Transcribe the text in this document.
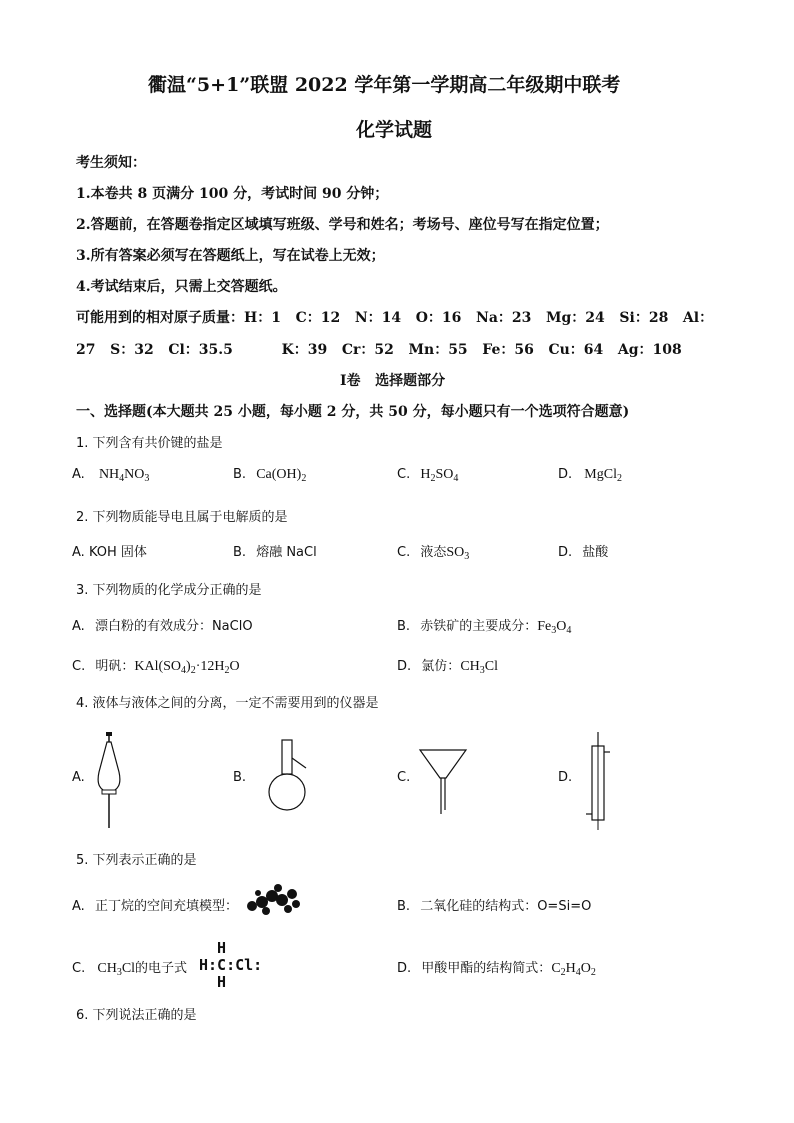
衢温“5+1”联盟 2022 学年第一学期高二年级期中联考
化学试题
考生须知：
1.本卷共 8 页满分 100 分，考试时间 90 分钟；
2.答题前，在答题卷指定区域填写班级、学号和姓名；考场号、座位号写在指定位置；
3.所有答案必须写在答题纸上，写在试卷上无效；
4.考试结束后，只需上交答题纸。
可能用到的相对原子质量：H：1   C：12   N：14   O：16   Na：23   Mg：24   Si：28   Al：
27   S：32   Cl：35.5          K：39   Cr：52   Mn：55   Fe：56   Cu：64   Ag：108
Ⅰ卷   选择题部分
一、选择题(本大题共 25 小题，每小题 2 分，共 50 分，每小题只有一个选项符合题意)
1. 下列含有共价键的盐是
A. $NH_4NO_3$	B. $Ca(OH)_2$	C. $H_2SO_4$	D. MgCl$_2$
2. 下列物质能导电且属于电解质的是
A. KOH 固体	B. 熔融 NaCl	C. 液态$SO_3$	D. 盐酸
3. 下列物质的化学成分正确的是
A. 漂白粉的有效成分：NaClO	B. 赤铁矿的主要成分：$Fe_3O_4$
C. 明矾：$KAl(SO_4)_2\cdot 12H_2O$	D. 氯仿：$CH_3Cl$
4. 液体与液体之间的分离，一定不需要用到的仪器是
A.	B.	C.	D.
5. 下列表示正确的是
A. 正丁烷的空间充填模型：	B. 二氧化硅的结构式：O=Si=O
C. $CH_3Cl$的电子式
H
H:C:Cl:
H
D. 甲酸甲酯的结构简式：$C_2H_4O_2$
6. 下列说法正确的是
